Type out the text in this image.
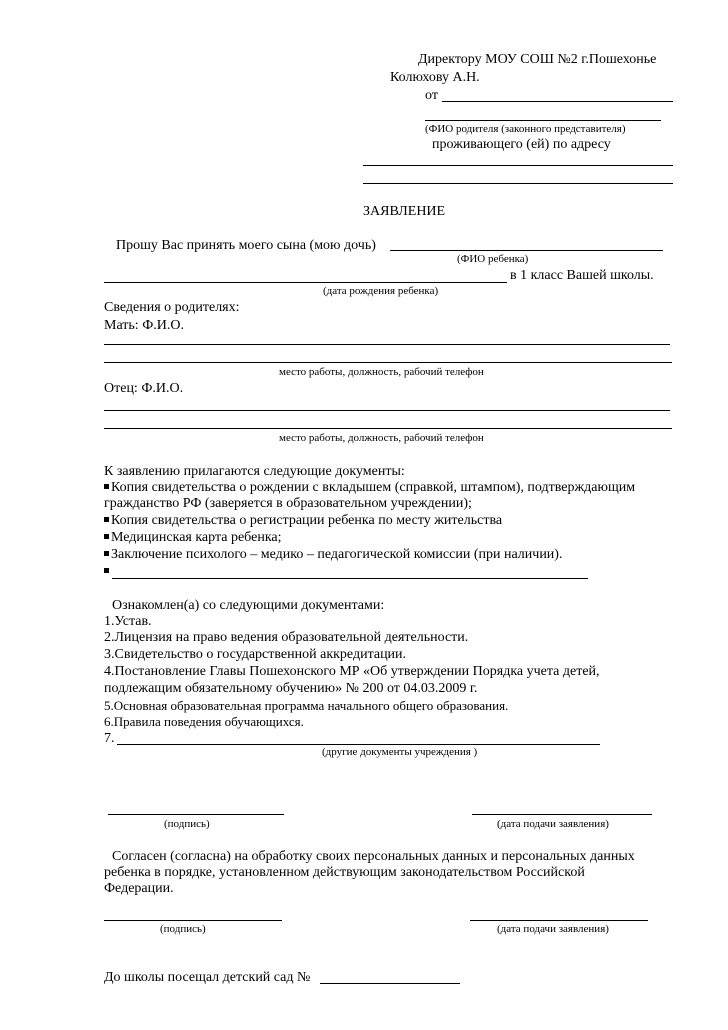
Директору МОУ СОШ №2 г.Пошехонье
Колюхову А.Н.
от
(ФИО родителя (законного представителя)
проживающего (ей) по адресу
ЗАЯВЛЕНИЕ
Прошу Вас принять моего сына (мою дочь)
(ФИО ребенка)
в 1 класс Вашей школы.
(дата рождения ребенка)
Сведения о родителях:
Мать: Ф.И.О.
место работы, должность, рабочий телефон
Отец: Ф.И.О.
место работы, должность, рабочий телефон
К заявлению прилагаются следующие документы:
Копия свидетельства о рождении с вкладышем (справкой, штампом), подтверждающим
гражданство РФ (заверяется в образовательном учреждении);
Копия свидетельства о регистрации ребенка по месту жительства
Медицинская карта ребенка;
Заключение психолого – медико – педагогической комиссии (при наличии).
Ознакомлен(а) со следующими документами:
1.Устав.
2.Лицензия на право ведения образовательной деятельности.
3.Свидетельство о государственной аккредитации.
4.Постановление Главы Пошехонского МР «Об утверждении Порядка учета детей,
подлежащим обязательному обучению» № 200 от 04.03.2009 г.
5.Основная образовательная программа начального общего образования.
6.Правила поведения обучающихся.
7.
(другие документы учреждения )
(подпись)	(дата подачи заявления)
Согласен (согласна) на обработку своих персональных данных и персональных данных
ребенка в порядке, установленном действующим законодательством Российской
Федерации.
(подпись)	(дата подачи заявления)
До школы посещал детский сад №
